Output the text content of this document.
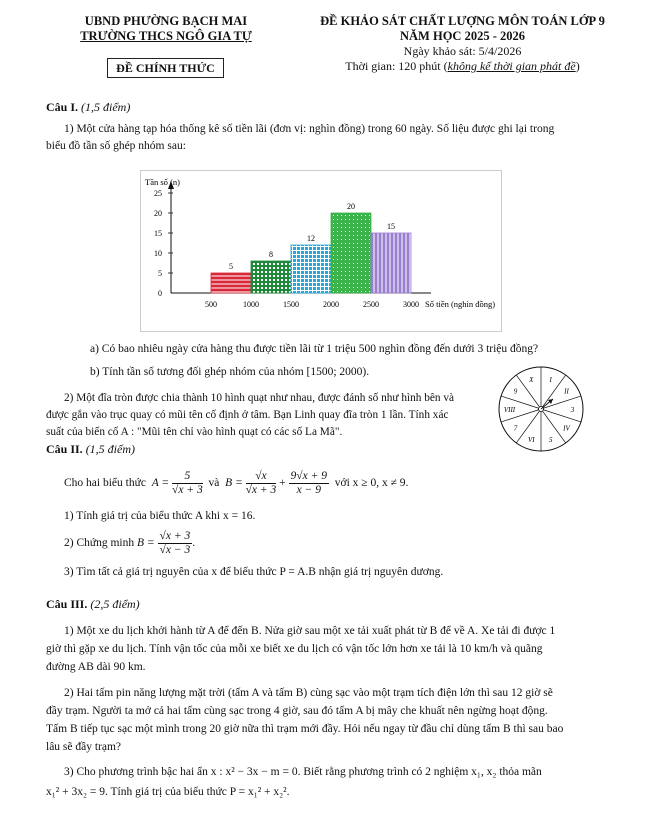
UBND PHƯỜNG BẠCH MAI
TRƯỜNG THCS NGÔ GIA TỰ
ĐỀ CHÍNH THỨC
ĐỀ KHẢO SÁT CHẤT LƯỢNG MÔN TOÁN LỚP 9
NĂM HỌC 2025 - 2026
Ngày khảo sát: 5/4/2026
Thời gian: 120 phút (không kể thời gian phát đề)
Câu I. (1,5 điểm)
1) Một cửa hàng tạp hóa thống kê số tiền lãi (đơn vị: nghìn đồng) trong 60 ngày. Số liệu được ghi lại trong
biểu đồ tần số ghép nhóm sau:
0
5
10
15
20
25
500	1000	1500	2000	2500	3000
Tần số (n)
Số tiền (nghìn đồng)
5
8
12
20
15
a) Có bao nhiêu ngày cửa hàng thu được tiền lãi từ 1 triệu 500 nghìn đồng đến dưới 3 triệu đồng?
b) Tính tần số tương đối ghép nhóm của nhóm [1500; 2000).
2) Một đĩa tròn được chia thành 10 hình quạt như nhau, được đánh số như hình bên và
được gắn vào trục quay có mũi tên cố định ở tâm. Bạn Linh quay đĩa tròn 1 lần. Tính xác
suất của biến cố A : "Mũi tên chỉ vào hình quạt có các số La Mã".
I
II
3
IV
5
VI
7
VIII
9
X
Câu II. (1,5 điểm)
Cho hai biểu thức $A = \frac{5}{√x + 3}$ và $B = \frac{√x}{√x + 3} + \frac{9√x + 9}{x - 9}$ với x ≥ 0, x ≠ 9.
1) Tính giá trị của biểu thức A khi x = 16.
2) Chứng minh $B = \frac{√x + 3}{√x - 3}$ .
3) Tìm tất cả giá trị nguyên của x để biểu thức P = A.B nhận giá trị nguyên dương.
Câu III. (2,5 điểm)
1) Một xe du lịch khởi hành từ A để đến B. Nửa giờ sau một xe tải xuất phát từ B để về A. Xe tải đi được 1
giờ thì gặp xe du lịch. Tính vận tốc của mỗi xe biết xe du lịch có vận tốc lớn hơn xe tải là 10 km/h và quãng
đường AB dài 90 km.
2) Hai tấm pin năng lượng mặt trời (tấm A và tấm B) cùng sạc vào một trạm tích điện lớn thì sau 12 giờ sẽ
đầy trạm. Người ta mở cả hai tấm cùng sạc trong 4 giờ, sau đó tấm A bị mây che khuất nên ngừng hoạt động.
Tấm B tiếp tục sạc một mình trong 20 giờ nữa thì trạm mới đầy. Hỏi nếu ngay từ đầu chỉ dùng tấm B thì sau bao
lâu sẽ đầy trạm?
3) Cho phương trình bậc hai ẩn x : x² − 3x − m = 0. Biết rằng phương trình có 2 nghiệm x₁, x₂ thỏa mãn
x₁² + 3x₂ = 9. Tính giá trị của biểu thức P = x₁² + x₂².
